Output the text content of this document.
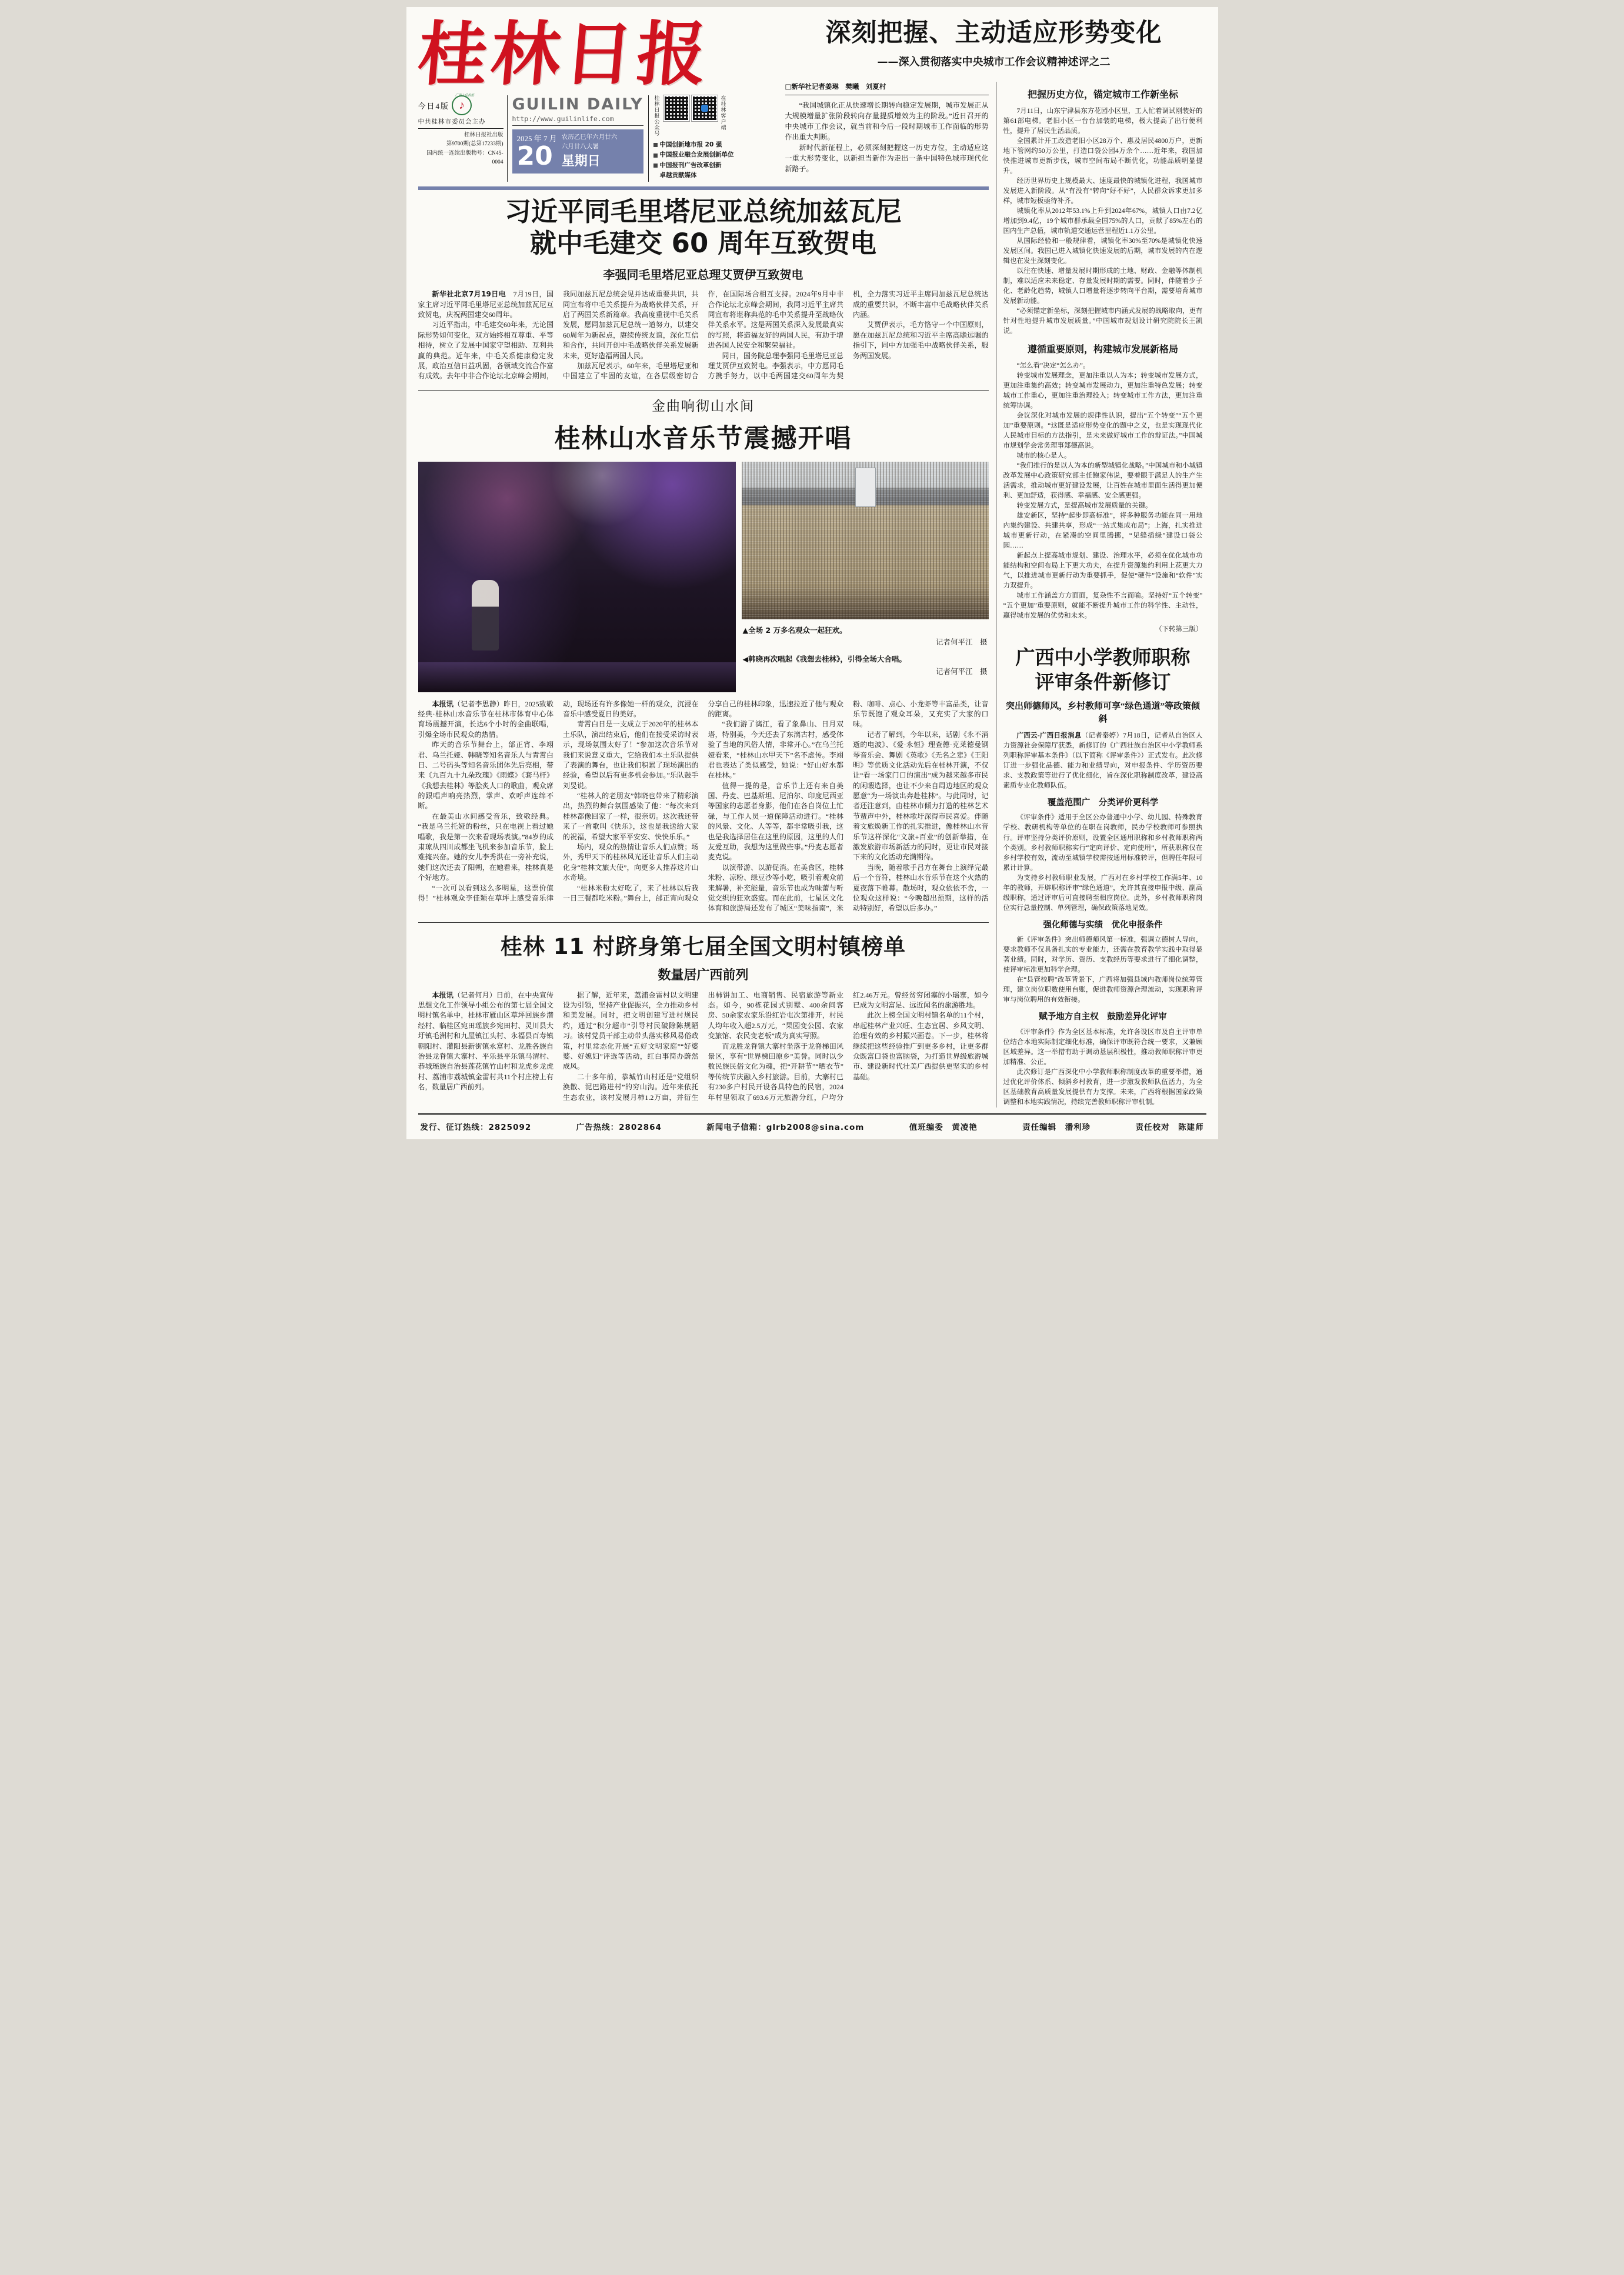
桂林日报
今日4版
广西十佳报纸
♪
中共桂林市委员会主办
桂林日报社出版
第9700期(总第17233期)
国内统一连续出版物号：CN45-0004
GUILIN DAILY
http://www.guilinlife.com
2025 年 7 月
20
农历乙巳年六月廿六
六月廿八大暑
星期日
桂林日报公众号	在桂林客户端
中国创新地市报 20 强
中国报业融合发展创新单位
中国报刊广告改革创新
卓越贡献媒体
深刻把握、主动适应形势变化
——深入贯彻落实中央城市工作会议精神述评之二
□新华社记者姜琳　樊曦　刘夏村

“我国城镇化正从快速增长期转向稳定发展期，城市发展正从大规模增量扩张阶段转向存量提质增效为主的阶段。”近日召开的中央城市工作会议，就当前和今后一段时期城市工作面临的形势作出重大判断。

新时代新征程上，必须深刻把握这一历史方位，主动适应这一重大形势变化，以新担当新作为走出一条中国特色城市现代化新路子。

把握历史方位，锚定城市工作新坐标

7月11日，山东宁津县东方花园小区里，工人忙着调试刚装好的第61部电梯。老旧小区一台台加装的电梯，极大提高了出行便利性，提升了居民生活品质。

全国累计开工改造老旧小区28万个、惠及居民4800万户，更新地下管网约50万公里，打造口袋公园4万余个……近年来，我国加快推进城市更新步伐，城市空间布局不断优化，功能品质明显提升。

经历世界历史上规模最大、速度最快的城镇化进程，我国城市发展进入新阶段。从“有没有”转向“好不好”，人民群众诉求更加多样，城市短板亟待补齐。

城镇化率从2012年53.1%上升到2024年67%，城镇人口由7.2亿增加到9.4亿，19个城市群承载全国75%的人口，贡献了85%左右的国内生产总值，城市轨道交通运营里程近1.1万公里。

从国际经验和一般规律看，城镇化率30%至70%是城镇化快速发展区间。我国已进入城镇化快速发展的后期，城市发展的内在逻辑也在发生深刻变化。

以往在快速、增量发展时期形成的土地、财政、金融等体制机制，难以适应未来稳定、存量发展时期的需要。同时，伴随着少子化、老龄化趋势，城镇人口增量将逐步转向平台期，需要培育城市发展新动能。

“必须锚定新坐标，深刻把握城市内涵式发展的战略取向，更有针对性地提升城市发展质量。”中国城市规划设计研究院院长王凯说。

遵循重要原则，构建城市发展新格局

“怎么看”决定“怎么办”。

转变城市发展理念，更加注重以人为本；转变城市发展方式，更加注重集约高效；转变城市发展动力，更加注重特色发展；转变城市工作重心，更加注重治理投入；转变城市工作方法，更加注重统筹协调。

会议深化对城市发展的规律性认识，提出“五个转变”“五个更加”重要原则。“这既是适应形势变化的题中之义，也是实现现代化人民城市目标的方法指引，是未来做好城市工作的辩证法。”中国城市规划学会常务理事郑德高说。

城市的核心是人。

“我们推行的是以人为本的新型城镇化战略。”中国城市和小城镇改革发展中心政策研究部主任鲍家伟说，要着眼于满足人的生产生活需求，推动城市更好建设发展，让百姓在城市里面生活得更加便利、更加舒适，获得感、幸福感、安全感更强。

转变发展方式，是提高城市发展质量的关键。

雄安新区，坚持“起步即高标准”，将多种服务功能在同一用地内集约建设、共建共享，形成“一站式集成布局”；上海，扎实推进城市更新行动，在紧凑的空间里腾挪，“见缝插绿”建设口袋公园……

新起点上提高城市规划、建设、治理水平，必须在优化城市功能结构和空间布局上下更大功夫，在提升资源集约利用上花更大力气，以推进城市更新行动为重要抓手，促使“硬件”设施和“软件”实力双提升。

城市工作涵盖方方面面，复杂性不言而喻。坚持好“五个转变”“五个更加”重要原则，就能不断提升城市工作的科学性、主动性，赢得城市发展的优势和未来。

（下转第三版）
广西中小学教师职称
评审条件新修订
突出师德师风，乡村教师可享“绿色通道”等政策倾斜

广西云-广西日报消息（记者秦婷）7月18日，记者从自治区人力资源社会保障厅获悉，新修订的《广西壮族自治区中小学教师系列职称评审基本条件》（以下简称《评审条件》）正式发布。此次修订进一步强化品德、能力和业绩导向，对申报条件、学历资历要求、支教政策等进行了优化细化，旨在深化职称制度改革，建设高素质专业化教师队伍。

覆盖范围广　分类评价更科学

《评审条件》适用于全区公办普通中小学、幼儿园、特殊教育学校、教研机构等单位的在职在岗教师，民办学校教师可参照执行。评审坚持分类评价原则，设置全区通用职称和乡村教师职称两个类别。乡村教师职称实行“定向评价、定向使用”，所获职称仅在乡村学校有效，流动至城镇学校需按通用标准转评，但聘任年限可累计计算。

为支持乡村教师职业发展，广西对在乡村学校工作满5年、10年的教师，开辟职称评审“绿色通道”，允许其直接申报中级、副高级职称，通过评审后可直接聘至相应岗位。此外，乡村教师职称岗位实行总量控制、单列管理，确保政策落地见效。

强化师德与实绩　优化申报条件

新《评审条件》突出师德师风第一标准，强调立德树人导向，要求教师不仅具备扎实的专业能力，还需在教育教学实践中取得显著业绩。同时，对学历、资历、支教经历等要求进行了细化调整，使评审标准更加科学合理。

在“县管校聘”改革背景下，广西将加强县域内教师岗位统筹管理，建立岗位职数使用台账，促进教师资源合理流动，实现职称评审与岗位聘用的有效衔接。

赋予地方自主权　鼓励差异化评审

《评审条件》作为全区基本标准，允许各设区市及自主评审单位结合本地实际制定细化标准，确保评审既符合统一要求，又兼顾区域差异。这一举措有助于调动基层积极性，推动教师职称评审更加精准、公正。

此次修订是广西深化中小学教师职称制度改革的重要举措，通过优化评价体系、倾斜乡村教育，进一步激发教师队伍活力，为全区基础教育高质量发展提供有力支撑。未来，广西将根据国家政策调整和本地实践情况，持续完善教师职称评审机制。

习近平同毛里塔尼亚总统加兹瓦尼
就中毛建交 60 周年互致贺电
李强同毛里塔尼亚总理艾贾伊互致贺电

新华社北京7月19日电　7月19日，国家主席习近平同毛里塔尼亚总统加兹瓦尼互致贺电，庆祝两国建交60周年。

习近平指出，中毛建交60年来，无论国际形势如何变化，双方始终相互尊重、平等相待，树立了发展中国家守望相助、互利共赢的典范。近年来，中毛关系健康稳定发展，政治互信日益巩固，各领域交流合作富有成效。去年中非合作论坛北京峰会期间，我同加兹瓦尼总统会见并达成重要共识，共同宣布将中毛关系提升为战略伙伴关系，开启了两国关系新篇章。我高度重视中毛关系发展，愿同加兹瓦尼总统一道努力，以建交60周年为新起点，赓续传统友谊，深化互信和合作，共同开创中毛战略伙伴关系发展新未来，更好造福两国人民。

加兹瓦尼表示，60年来，毛里塔尼亚和中国建立了牢固的友谊，在各层级密切合作，在国际场合相互支持。2024年9月中非合作论坛北京峰会期间，我同习近平主席共同宣布将堪称典范的毛中关系提升至战略伙伴关系水平。这是两国关系深入发展最真实的写照，将造福友好的两国人民，有助于增进各国人民安全和繁荣福祉。

同日，国务院总理李强同毛里塔尼亚总理艾贾伊互致贺电。李强表示，中方愿同毛方携手努力，以中毛两国建交60周年为契机，全力落实习近平主席同加兹瓦尼总统达成的重要共识，不断丰富中毛战略伙伴关系内涵。

艾贾伊表示，毛方恪守一个中国原则，愿在加兹瓦尼总统和习近平主席高瞻远瞩的指引下，同中方加强毛中战略伙伴关系，服务两国发展。

金曲响彻山水间
桂林山水音乐节震撼开唱
▲全场 2 万多名观众一起狂欢。
记者何平江　摄
◀韩晓再次唱起《我想去桂林》，引得全场大合唱。
记者何平江　摄

本报讯（记者李思静）昨日，2025致敬经典·桂林山水音乐节在桂林市体育中心体育场震撼开演，长达6个小时的金曲联唱，引爆全场市民观众的热情。

昨天的音乐节舞台上，邰正宵、李翊君、乌兰托娅、韩晓等知名音乐人与青霄白日、二号码头等知名音乐团体先后亮相，带来《九百九十九朵玫瑰》《雨蝶》《套马杆》《我想去桂林》等脍炙人口的歌曲，观众席的跟唱声响亮热烈，掌声、欢呼声连绵不断。

在最美山水间感受音乐，致敬经典。“我是乌兰托娅的粉丝，只在电视上看过她唱歌，我是第一次来看现场表演。”84岁的成肃琼从四川成都坐飞机来参加音乐节，脸上难掩兴奋。她的女儿李秀洪在一旁补充说，她们这次还去了阳朔，在她看来，桂林真是个好地方。

“一次可以看到这么多明星，这票价值得！”桂林观众李佳颖在草坪上感受音乐律动，现场还有许多像她一样的观众，沉浸在音乐中感受夏日的美好。

青霄白日是一支成立于2020年的桂林本土乐队，演出结束后，他们在接受采访时表示，现场氛围太好了！“参加这次音乐节对我们来说意义重大，它给我们本土乐队提供了表演的舞台，也让我们积累了现场演出的经验，希望以后有更多机会参加。”乐队鼓手刘旻说。

“桂林人的老朋友”韩晓也带来了精彩演出，热烈的舞台氛围感染了他：“每次来到桂林都像回家了一样，很亲切。这次我还带来了一首歌叫《快乐》，这也是我送给大家的祝福，希望大家平平安安、快快乐乐。”

场内，观众的热情让音乐人们点赞；场外，秀甲天下的桂林风光还让音乐人们主动化身“桂林文旅大使”，向更多人推荐这片山水奇境。

“桂林米粉太好吃了，来了桂林以后我一日三餐都吃米粉。”舞台上，邰正宵向观众分享自己的桂林印象，迅速拉近了他与观众的距离。

“我们游了漓江，看了象鼻山、日月双塔，特别美，今天还去了东漓古村，感受体验了当地的风俗人情，非常开心。”在乌兰托娅看来，“桂林山水甲天下”名不虚传。李翊君也表达了类似感受，她说：“好山好水都在桂林。”

值得一提的是，音乐节上还有来自美国、丹麦、巴基斯坦、尼泊尔、印度尼西亚等国家的志愿者身影，他们在各自岗位上忙碌，与工作人员一道保障活动进行。“桂林的风景、文化、人等等，都非常吸引我，这也是我选择居住在这里的原因，这里的人们友爱互助，我想为这里做些事。”丹麦志愿者麦克说。

以演带游、以游促消。在美食区，桂林米粉、凉粉、绿豆沙等小吃，吸引着观众前来解暑，补充能量，音乐节也成为味蕾与听觉交织的狂欢盛宴。而在此前，七星区文化体育和旅游局还发布了城区“美味指南”，米粉、咖啡、点心、小龙虾等丰富品类，让音乐节既饱了观众耳朵，又充实了大家的口味。

记者了解到，今年以来，话剧《永不消逝的电波》、《爱·永恒》理查德·克莱德曼钢琴音乐会、舞剧《英歌》《无名之辈》《王阳明》等优质文化活动先后在桂林开演，不仅让“看一场家门口的演出”成为越来越多市民的闲暇选择，也让不少来自周边地区的观众愿意“为一场演出奔赴桂林”。与此同时，记者还注意到，由桂林市倾力打造的桂林艺术节蜚声中外，桂林歌圩深得市民喜爱。伴随着文旅焕新工作的扎实推进，像桂林山水音乐节这样深化“文旅+百业”的创新举措，在激发旅游市场新活力的同时，更让市民对接下来的文化活动充满期待。

当晚，随着歌手吕方在舞台上演绎完最后一个音符，桂林山水音乐节在这个火热的夏夜落下帷幕。散场时，观众依依不舍，一位观众这样说：“今晚超出预期，这样的活动特别好，希望以后多办。”

桂林 11 村跻身第七届全国文明村镇榜单
数量居广西前列

本报讯（记者何月）日前，在中央宣传思想文化工作领导小组公布的第七届全国文明村镇名单中，桂林市雁山区草坪回族乡潜经村、临桂区宛田瑶族乡宛田村、灵川县大圩镇毛洲村和九屋镇江头村、永福县百寿镇朝阳村、灌阳县新街镇永富村、龙胜各族自治县龙脊镇大寨村、平乐县平乐镇马渭村、恭城瑶族自治县莲花镇竹山村和龙虎乡龙虎村、荔浦市荔城镇金雷村共11个村庄榜上有名，数量居广西前列。

据了解，近年来，荔浦金雷村以文明建设为引领，坚持产业促振兴，全力推动乡村和美发展。同时，把文明创建写进村规民约，通过“积分超市”引导村民破除陈规陋习。该村党员干部主动带头落实移风易俗政策，村里常态化开展“五好文明家庭”“好婆婆、好媳妇”评选等活动，红白事简办蔚然成风。

二十多年前，恭城竹山村还是“党组织涣散、泥巴路进村”的穷山沟。近年来依托生态农业，该村发展月柿1.2万亩，并衍生出柿饼加工、电商销售、民宿旅游等新业态。如今，90栋花园式别墅、400余间客房、50余家农家乐沿红岩屯次第排开，村民人均年收入超2.5万元，“果园变公园、农家变旅馆、农民变老板”成为真实写照。

而龙胜龙脊镇大寨村坐落于龙脊梯田风景区，享有“世界梯田原乡”美誉。同时以少数民族民俗文化为魂，把“开耕节”“晒衣节”等传统节庆融入乡村旅游。目前，大寨村已有230多户村民开设各具特色的民宿，2024年村里领取了693.6万元旅游分红，户均分红2.46万元。曾经贫穷闭塞的小瑶寨，如今已成为文明富足、远近闻名的旅游胜地。

此次上榜全国文明村镇名单的11个村，串起桂林产业兴旺、生态宜居、乡风文明、治理有效的乡村振兴画卷。下一步，桂林将继续把这些经验推广到更多乡村，让更多群众既富口袋也富脑袋，为打造世界级旅游城市、建设新时代壮美广西提供更坚实的乡村基础。

发行、征订热线：2825092	广告热线：2802864	新闻电子信箱：glrb2008@sina.com	值班编委　黄凌艳	责任编辑　潘利珍	责任校对　陈建师
